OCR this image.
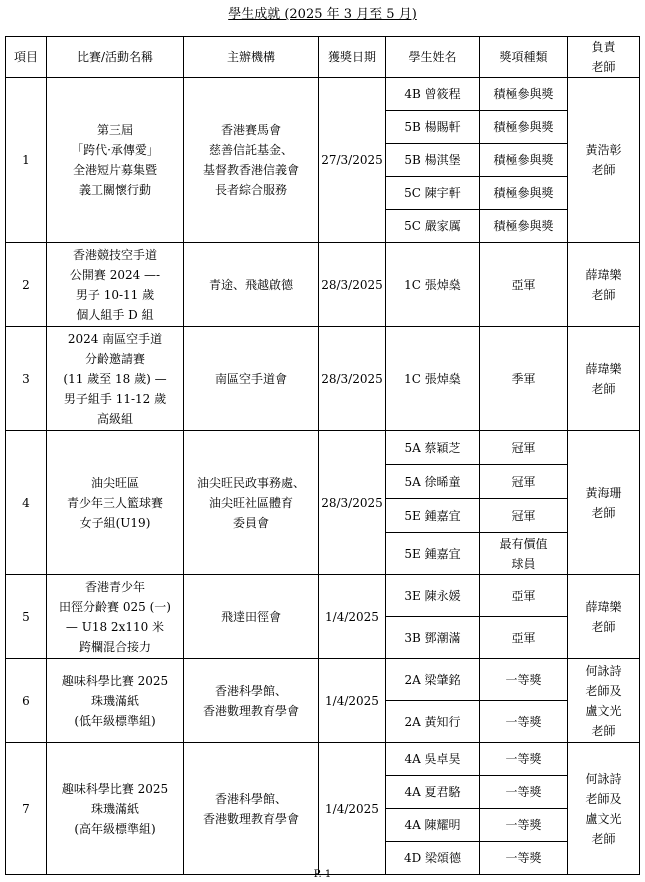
學生成就 (2025 年 3 月至 5 月)
項目	比賽/活動名稱	主辦機構	獲獎日期	學生姓名	獎項種類	負責
老師
1	第三屆
「跨代·承傳愛」
全港短片募集暨
義工關懷行動	香港賽馬會
慈善信託基金、
基督教香港信義會
長者綜合服務	27/3/2025	4B 曾筱程	積極參與獎	黃浩彰
老師
				5B 楊賜軒	積極參與獎	
				5B 楊淇堡	積極參與獎	
				5C 陳宇軒	積極參與獎	
				5C 嚴家厲	積極參與獎	
2	香港競技空手道
公開賽 2024 —-
男子 10-11 歲
個人組手 D 組	青途、飛越啟德	28/3/2025	1C 張焯燊	亞軍	薛瑋樂
老師
3	2024 南區空手道
分齡邀請賽
(11 歲至 18 歲) —
男子組手 11-12 歲
高級組	南區空手道會	28/3/2025	1C 張焯燊	季軍	薛瑋樂
老師
4	油尖旺區
青少年三人籃球賽
女子組(U19)	油尖旺民政事務處、
油尖旺社區體育
委員會	28/3/2025	5A 蔡穎芝	冠軍	黃海珊
老師
				5A 徐晞童	冠軍	
				5E 鍾嘉宜	冠軍	
				5E 鍾嘉宜	最有價值
球員	
5	香港青少年
田徑分齡賽 025 (一)
— U18 2x110 米
跨欄混合接力	飛達田徑會	1/4/2025	3E 陳永媛	亞軍	薛瑋樂
老師
				3B 鄧潮滿	亞軍	
6	趣味科學比賽 2025
珠璣滿紙
(低年級標準組)	香港科學館、
香港數理教育學會	1/4/2025	2A 梁肇銘	一等獎	何詠詩
老師及
盧文光
老師
				2A 黃知行	一等獎	
7	趣味科學比賽 2025
珠璣滿紙
(高年級標準組)	香港科學館、
香港數理教育學會	1/4/2025	4A 吳卓昊	一等獎	何詠詩
老師及
盧文光
老師
				4A 夏君駱	一等獎	
				4A 陳耀明	一等獎	
				4D 梁頌德	一等獎	
P. 1
